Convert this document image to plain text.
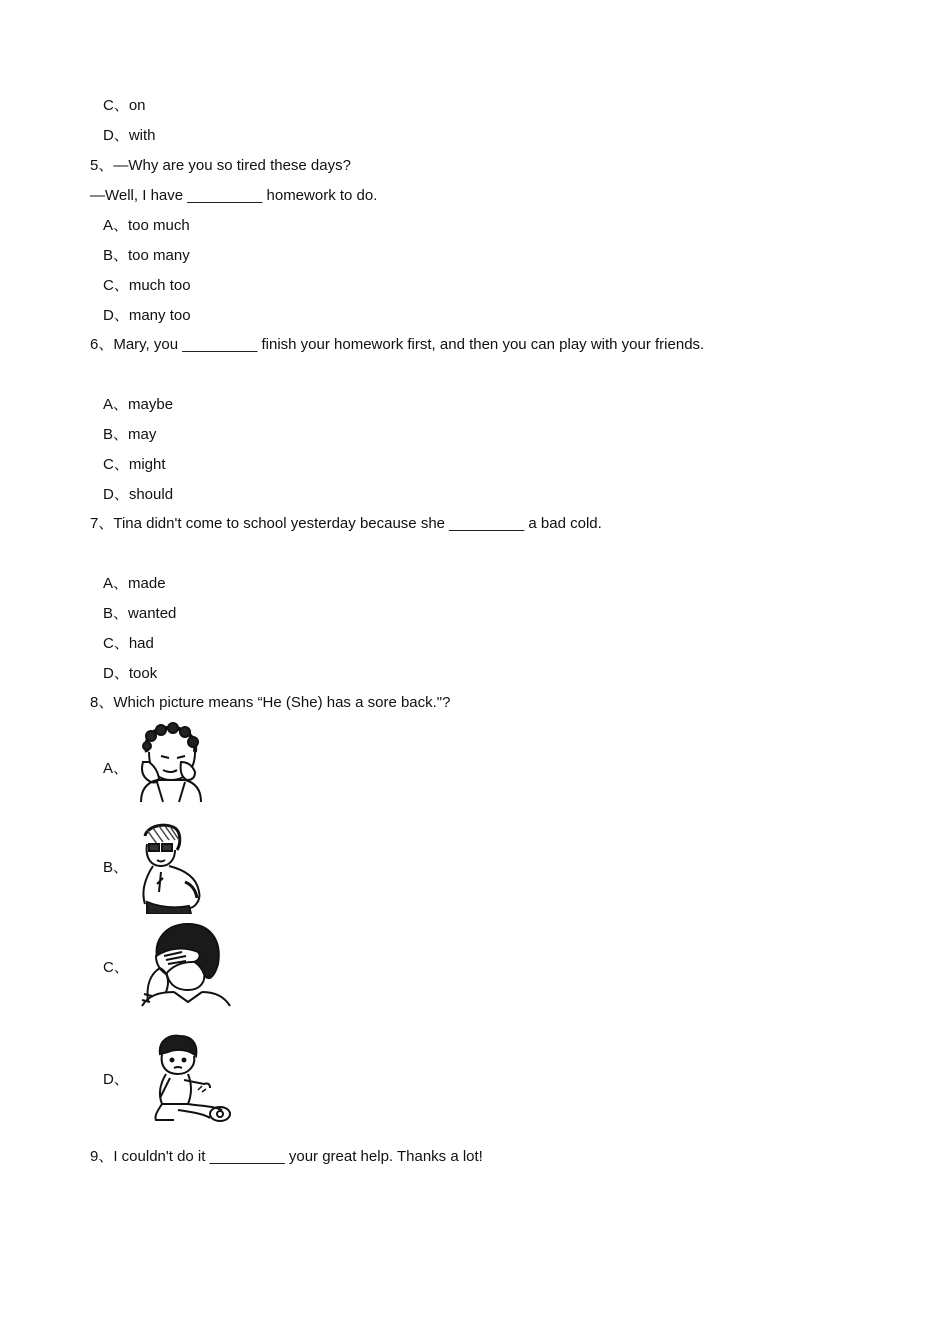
C、on
D、with
5、—Why are you so tired these days?
—Well, I have _________ homework to do.
A、too much
B、too many
C、much too
D、many too
6、Mary, you _________ finish your homework first, and then you can play with your friends.
A、maybe
B、may
C、might
D、should
7、Tina didn't come to school yesterday because she _________ a bad cold.
A、made
B、wanted
C、had
D、took
8、Which picture means “He (She) has a sore back."?
A、
B、
C、
D、
9、I couldn't do it _________ your great help. Thanks a lot!
